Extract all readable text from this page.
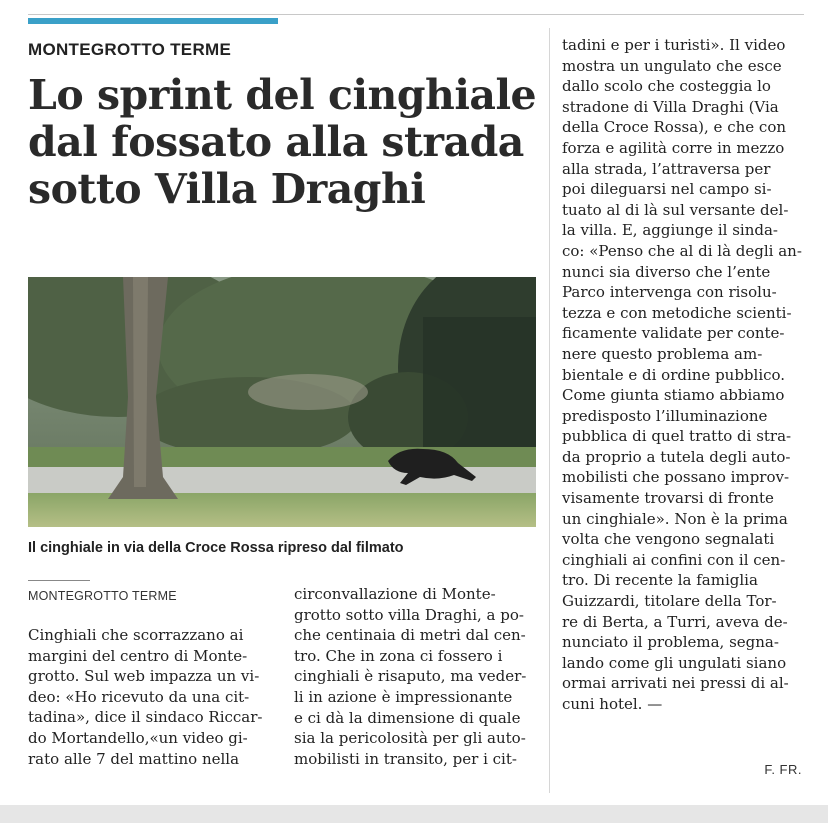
MONTEGROTTO TERME
Lo sprint del cinghiale
dal fossato alla strada
sotto Villa Draghi
Il cinghiale in via della Croce Rossa ripreso dal filmato
MONTEGROTTO TERME
Cinghiali che scorrazzano ai
margini del centro di Monte-
grotto. Sul web impazza un vi-
deo: «Ho ricevuto da una cit-
tadina», dice il sindaco Riccar-
do Mortandello,«un video gi-
rato alle 7 del mattino nella
circonvallazione di Monte-
grotto sotto villa Draghi, a po-
che centinaia di metri dal cen-
tro. Che in zona ci fossero i
cinghiali è risaputo, ma veder-
li in azione è impressionante
e ci dà la dimensione di quale
sia la pericolosità per gli auto-
mobilisti in transito, per i cit-
tadini e per i turisti». Il video
mostra un ungulato che esce
dallo scolo che costeggia lo
stradone di Villa Draghi (Via
della Croce Rossa), e che con
forza e agilità corre in mezzo
alla strada, l’attraversa per
poi dileguarsi nel campo si-
tuato al di là sul versante del-
la villa. E, aggiunge il sinda-
co: «Penso che al di là degli an-
nunci sia diverso che l’ente
Parco intervenga con risolu-
tezza e con metodiche scienti-
ficamente validate per conte-
nere questo problema am-
bientale e di ordine pubblico.
Come giunta stiamo abbiamo
predisposto l’illuminazione
pubblica di quel tratto di stra-
da proprio a tutela degli auto-
mobilisti che possano improv-
visamente trovarsi di fronte
un cinghiale». Non è la prima
volta che vengono segnalati
cinghiali ai confini con il cen-
tro. Di recente la famiglia
Guizzardi, titolare della Tor-
re di Berta, a Turri, aveva de-
nunciato il problema, segna-
lando come gli ungulati siano
ormai arrivati nei pressi di al-
cuni hotel. —
F. FR.
